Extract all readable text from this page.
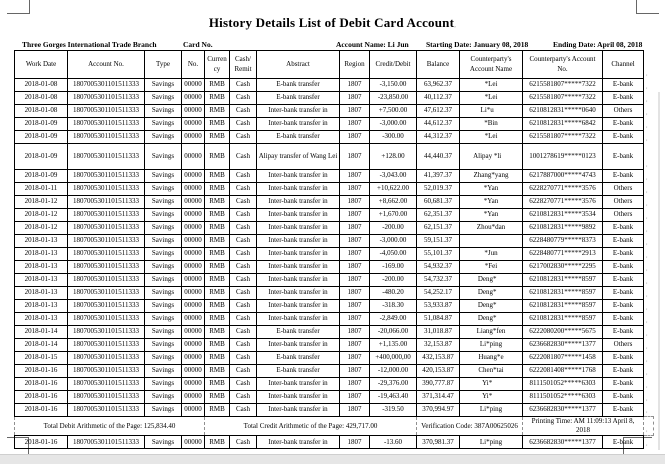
History Details List of Debit Card Account,
Three Gorges International Trade Branch	Card No.	Account Name: Li Jun Starting Date: January 08, 2018	Ending Date: April 08, 2018
Work Date	Account No.	Type	No.	Currency	Cash/ Remit	Abstract	Region	Credit/Debit	Balance	Counterparty's Account Name	Counterparty's Account No.	Channel	,
2018-01-08	1807005301101511333	Savings	00000	RMB	Cash	E-bank transfer	1807	-3,150.00	63,962.37	*Lei	6215581807*****7322	E-bank	,
2018-01-08	1807005301101511333	Savings	00000	RMB	Cash	E-bank transfer	1807	-23,850.00	40,112.37	*Lei	6215581807*****7322	E-bank	,
2018-01-08	1807005301101511333	Savings	00000	RMB	Cash	Inter-bank transfer in	1807	+7,500.00	47,612.37	Li*u	6210812831*****0640	Others	,
2018-01-09	1807005301101511333	Savings	00000	RMB	Cash	Inter-bank transfer in	1807	-3,000.00	44,612.37	*Bin	6210812831*****6842	E-bank	,
2018-01-09	1807005301101511333	Savings	00000	RMB	Cash	E-bank transfer	1807	-300.00	44,312.37	*Lei	6215581807*****7322	E-bank	,
2018-01-09	1807005301101511333	Savings	00000	RMB	Cash	Alipay transfer of Wang Lei	1807	+128.00	44,440.37	Alipay *li	1001278619*****0123	E-bank	,
2018-01-09	1807005301101511333	Savings	00000	RMB	Cash	Inter-bank transfer in	1807	-3,043.00	41,397.37	Zhang*yang	6217887000*****4743	E-bank	,
2018-01-11	1807005301101511333	Savings	00000	RMB	Cash	Inter-bank transfer in	1807	+10,622.00	52,019.37	*Yan	6228270771*****3576	Others	,
2018-01-12	1807005301101511333	Savings	00000	RMB	Cash	Inter-bank transfer in	1807	+8,662.00	60,681.37	*Yan	6228270771*****3576	Others	,
2018-01-12	1807005301101511333	Savings	00000	RMB	Cash	Inter-bank transfer in	1807	+1,670.00	62,351.37	*Yan	6210812831*****3534	Others	,
2018-01-12	1807005301101511333	Savings	00000	RMB	Cash	Inter-bank transfer in	1807	-200.00	62,151.37	Zhou*dan	6210812831*****9892	E-bank	,
2018-01-13	1807005301101511333	Savings	00000	RMB	Cash	Inter-bank transfer in	1807	-3,000.00	59,151.37		6228480779*****8373	E-bank	,
2018-01-13	1807005301101511333	Savings	00000	RMB	Cash	Inter-bank transfer in	1807	-4,050.00	55,101.37	*Jun	6228480771*****2913	E-bank	,
2018-01-13	1807005301101511333	Savings	00000	RMB	Cash	Inter-bank transfer in	1807	-169.00	54,932.37	*Fei	6217002830*****2295	E-bank	,
2018-01-13	1807005301101511333	Savings	00000	RMB	Cash	Inter-bank transfer in	1807	-200.00	54,732.37	Deng*	6210812831*****8597	E-bank	,
2018-01-13	1807005301101511333	Savings	00000	RMB	Cash	Inter-bank transfer in	1807	-480.20	54,252.17	Deng*	6210812831*****8597	E-bank	,
2018-01-13	1807005301101511333	Savings	00000	RMB	Cash	Inter-bank transfer in	1807	-318.30	53,933.87	Deng*	6210812831*****8597	E-bank	,
2018-01-13	1807005301101511333	Savings	00000	RMB	Cash	Inter-bank transfer in	1807	-2,849.00	51,084.87	Deng*	6210812831*****8597	E-bank	,
2018-01-14	1807005301101511333	Savings	00000	RMB	Cash	E-bank transfer	1807	-20,066.00	31,018.87	Liang*fen	6222080200*****5675	E-bank	,
2018-01-14	1807005301101511333	Savings	00000	RMB	Cash	Inter-bank transfer in	1807	+1,135.00	32,153.87	Li*ping	6236682830*****1377	Others	,
2018-01-15	1807005301101511333	Savings	00000	RMB	Cash	E-bank transfer	1807	+400,000,00	432,153.87	Huang*e	6222081807*****1458	E-bank	,
2018-01-16	1807005301101511333	Savings	00000	RMB	Cash	E-bank transfer	1807	-12,000.00	420,153.87	Chen*tai	6222081408*****1768	E-bank	,
2018-01-16	1807005301101511333	Savings	00000	RMB	Cash	Inter-bank transfer in	1807	-29,376.00	390,777.87	Yi*	8111501052*****6303	E-bank	,
2018-01-16	1807005301101511333	Savings	00000	RMB	Cash	Inter-bank transfer in	1807	-19,463.40	371,314.47	Yi*	8111501052*****6303	E-bank	,
2018-01-16	1807005301101511333	Savings	00000	RMB	Cash	Inter-bank transfer in	1807	-319.50	370,994.97	Li*ping	6236682830*****1377	E-bank	,
Total Debit Arithmetic of the Page: 125,834.40				Total Credit Arithmetic of the Page: 429,717.00					Verification Code: 387A00625026		Printing Time: AM 11:09:13 April 8, 2018		,
2018-01-16	1807005301101511333	Savings	00000	RMB	Cash	Inter-bank transfer in	1807	-13.60	370,981.37	Li*ping	6236682830*****1377	E-bank	,
